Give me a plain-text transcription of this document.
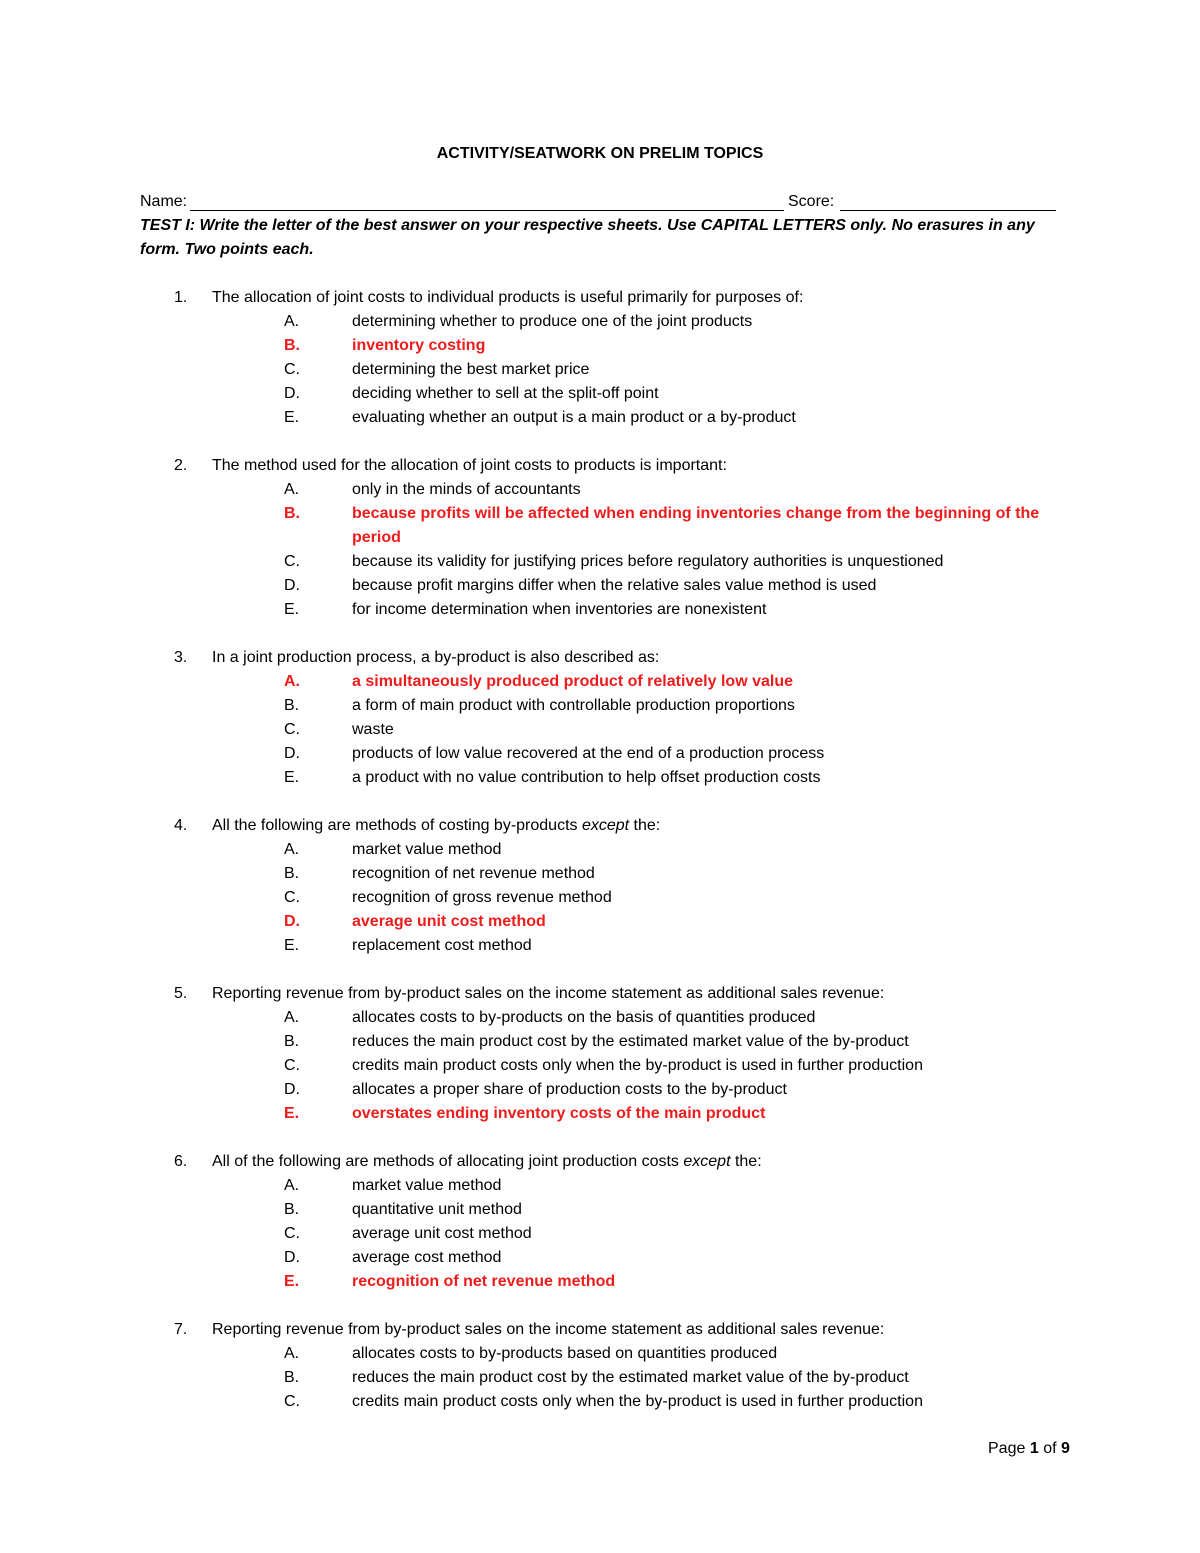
ACTIVITY/SEATWORK ON PRELIM TOPICS
Name:	Score:
TEST I: Write the letter of the best answer on your respective sheets. Use CAPITAL LETTERS only. No erasures in any form. Two points each.
1. The allocation of joint costs to individual products is useful primarily for purposes of:
A.	determining whether to produce one of the joint products
B.	inventory costing
C.	determining the best market price
D.	deciding whether to sell at the split-off point
E.	evaluating whether an output is a main product or a by-product
2. The method used for the allocation of joint costs to products is important:
A.	only in the minds of accountants
B.	because profits will be affected when ending inventories change from the beginning of the period
C.	because its validity for justifying prices before regulatory authorities is unquestioned
D.	because profit margins differ when the relative sales value method is used
E.	for income determination when inventories are nonexistent
3. In a joint production process, a by-product is also described as:
A.	a simultaneously produced product of relatively low value
B.	a form of main product with controllable production proportions
C.	waste
D.	products of low value recovered at the end of a production process
E.	a product with no value contribution to help offset production costs
4. All the following are methods of costing by-products except the:
A.	market value method
B.	recognition of net revenue method
C.	recognition of gross revenue method
D.	average unit cost method
E.	replacement cost method
5. Reporting revenue from by-product sales on the income statement as additional sales revenue:
A.	allocates costs to by-products on the basis of quantities produced
B.	reduces the main product cost by the estimated market value of the by-product
C.	credits main product costs only when the by-product is used in further production
D.	allocates a proper share of production costs to the by-product
E.	overstates ending inventory costs of the main product
6. All of the following are methods of allocating joint production costs except the:
A.	market value method
B.	quantitative unit method
C.	average unit cost method
D.	average cost method
E.	recognition of net revenue method
7. Reporting revenue from by-product sales on the income statement as additional sales revenue:
A.	allocates costs to by-products based on quantities produced
B.	reduces the main product cost by the estimated market value of the by-product
C.	credits main product costs only when the by-product is used in further production
Page 1 of 9
